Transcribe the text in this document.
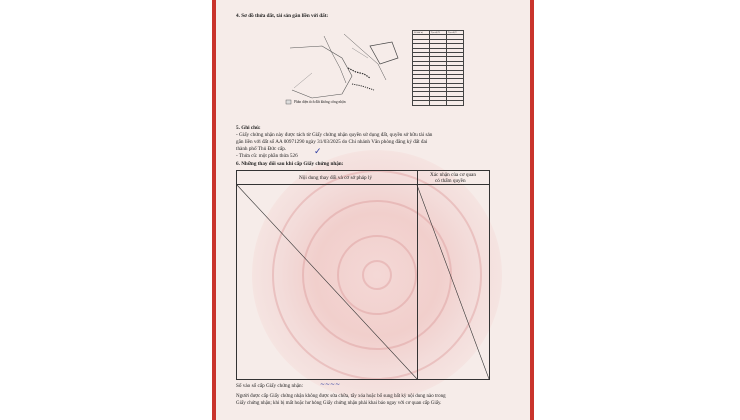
4. Sơ đồ thửa đất, tài sản gắn liền với đất:
Phần diện tích đất không công nhận
Số thứ tự	Tọa độ X	Tọa độ Y

5. Ghi chú:
- Giấy chứng nhận này được tách từ Giấy chứng nhận quyền sử dụng đất, quyền sở hữu tài sản
gắn liền với đất số AA 00971290 ngày 31/03/2025 do Chi nhánh Văn phòng đăng ký đất đai
thành phố Thủ Đức cấp.
- Thửa cũ: một phần thửa 526 ✓
6. Những thay đổi sau khi cấp Giấy chứng nhận:
Nội dung thay đổi và cơ sở pháp lý	Xác nhận của cơ quan
có thẩm quyền
Số vào sổ cấp Giấy chứng nhận:	~~~~
Người được cấp Giấy chứng nhận không được sửa chữa, tẩy xóa hoặc bổ sung bất kỳ nội dung nào trong
Giấy chứng nhận; khi bị mất hoặc hư hỏng Giấy chứng nhận phải khai báo ngay với cơ quan cấp Giấy.
